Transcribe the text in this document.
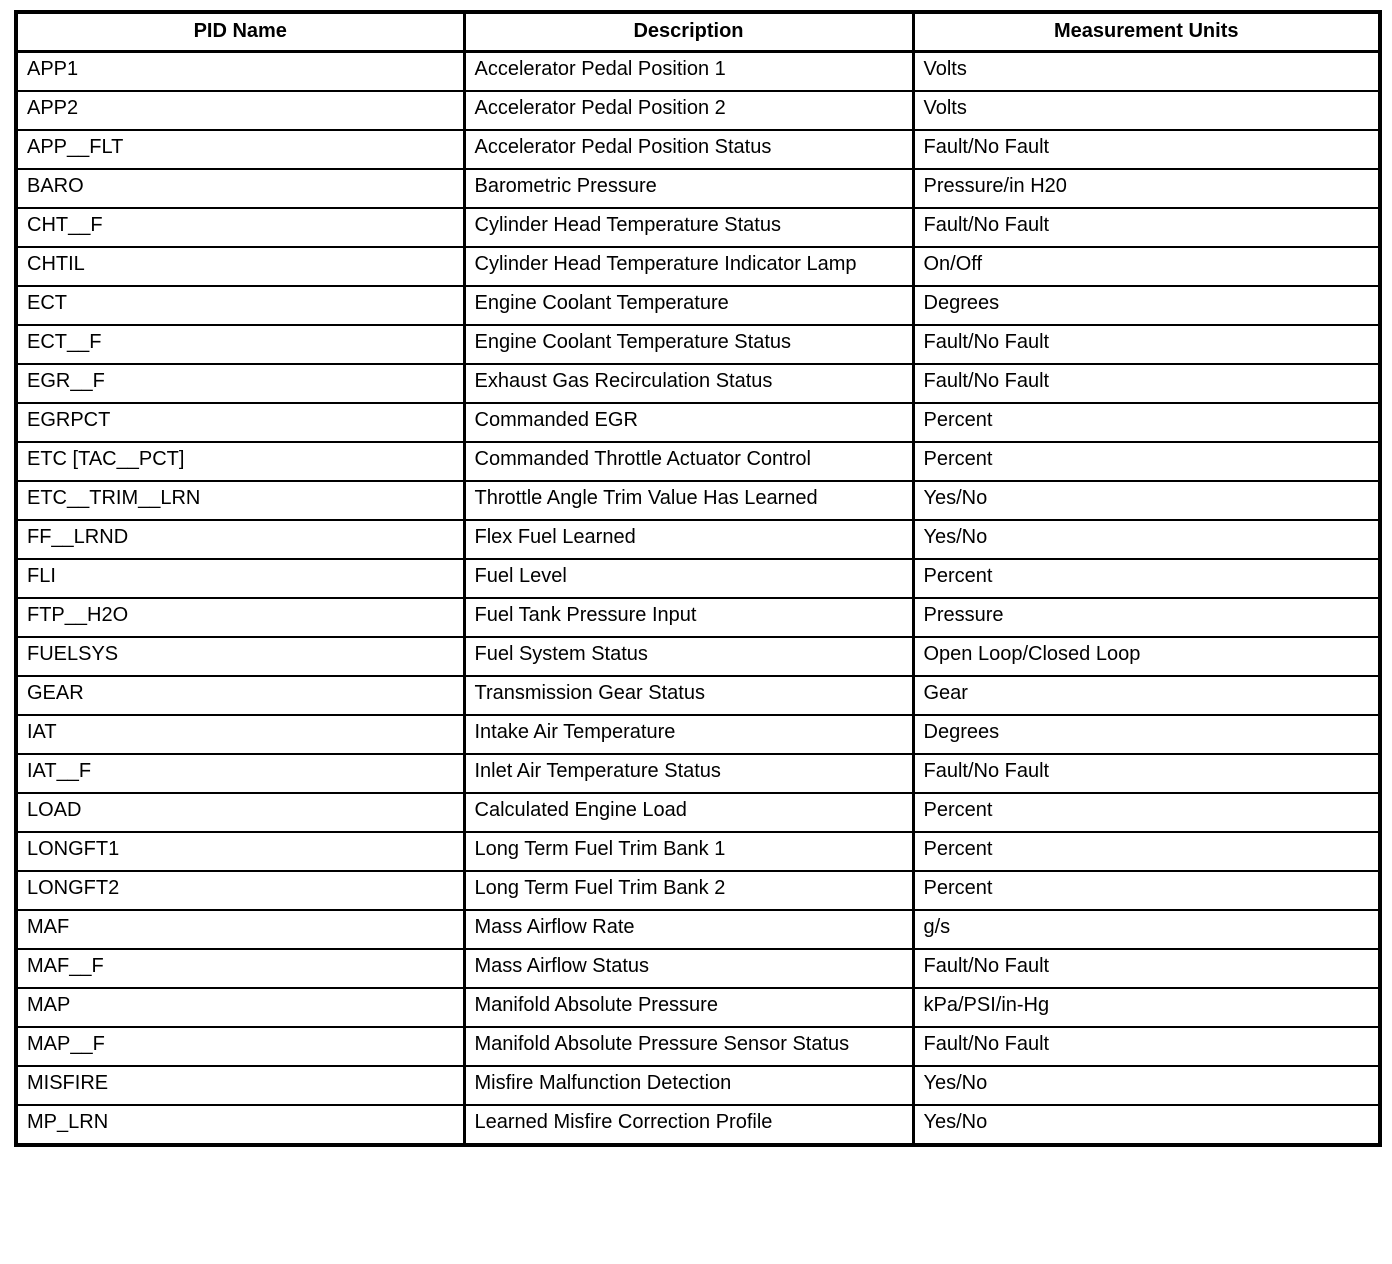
PID Name	Description	Measurement Units
APP1	Accelerator Pedal Position 1	Volts
APP2	Accelerator Pedal Position 2	Volts
APP__FLT	Accelerator Pedal Position Status	Fault/No Fault
BARO	Barometric Pressure	Pressure/in H20
CHT__F	Cylinder Head Temperature Status	Fault/No Fault
CHTIL	Cylinder Head Temperature Indicator Lamp	On/Off
ECT	Engine Coolant Temperature	Degrees
ECT__F	Engine Coolant Temperature Status	Fault/No Fault
EGR__F	Exhaust Gas Recirculation Status	Fault/No Fault
EGRPCT	Commanded EGR	Percent
ETC [TAC__PCT]	Commanded Throttle Actuator Control	Percent
ETC__TRIM__LRN	Throttle Angle Trim Value Has Learned	Yes/No
FF__LRND	Flex Fuel Learned	Yes/No
FLI	Fuel Level	Percent
FTP__H2O	Fuel Tank Pressure Input	Pressure
FUELSYS	Fuel System Status	Open Loop/Closed Loop
GEAR	Transmission Gear Status	Gear
IAT	Intake Air Temperature	Degrees
IAT__F	Inlet Air Temperature Status	Fault/No Fault
LOAD	Calculated Engine Load	Percent
LONGFT1	Long Term Fuel Trim Bank 1	Percent
LONGFT2	Long Term Fuel Trim Bank 2	Percent
MAF	Mass Airflow Rate	g/s
MAF__F	Mass Airflow Status	Fault/No Fault
MAP	Manifold Absolute Pressure	kPa/PSI/in-Hg
MAP__F	Manifold Absolute Pressure Sensor Status	Fault/No Fault
MISFIRE	Misfire Malfunction Detection	Yes/No
MP_LRN	Learned Misfire Correction Profile	Yes/No
